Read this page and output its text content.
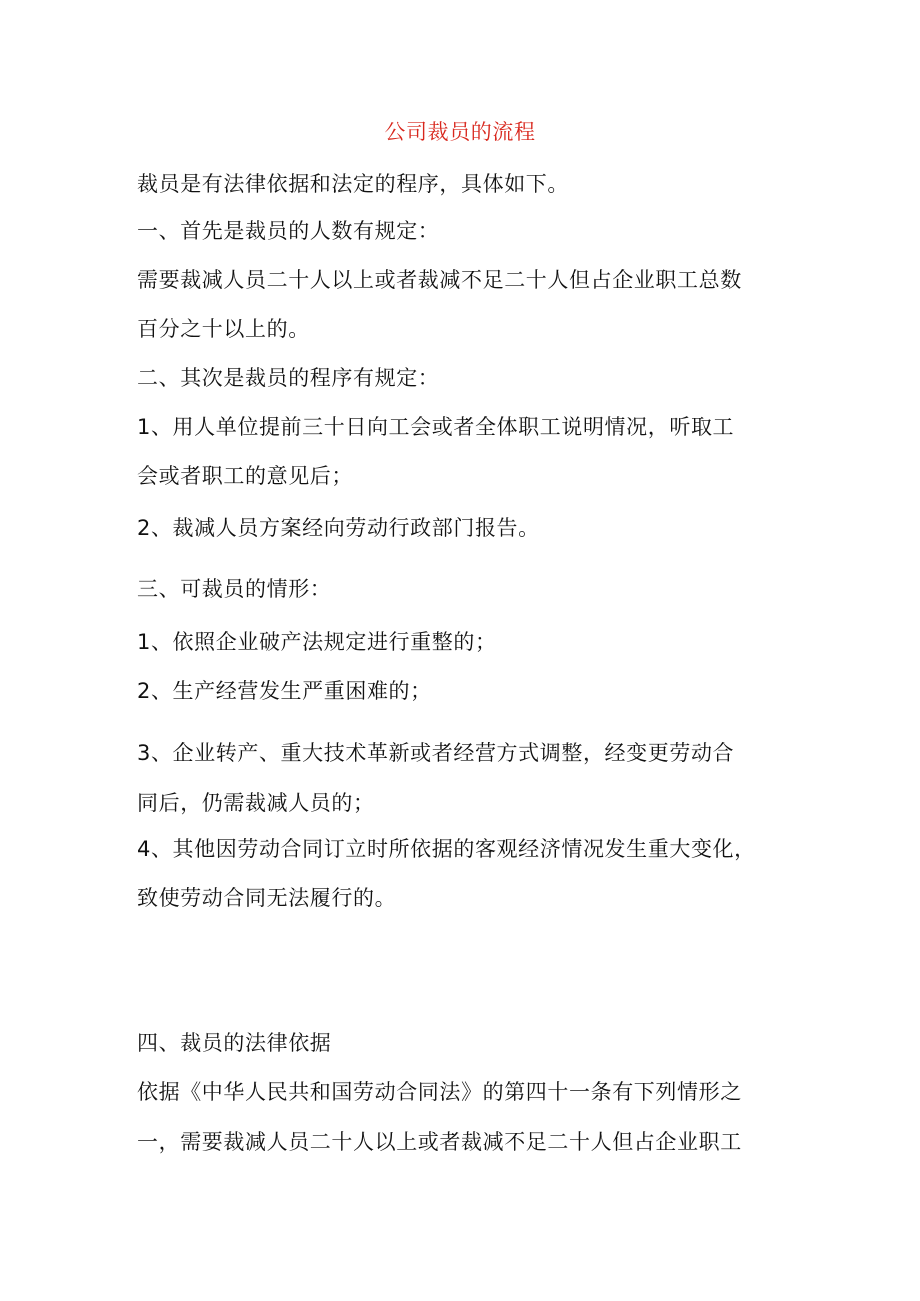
公司裁员的流程
裁员是有法律依据和法定的程序，具体如下。
一、首先是裁员的人数有规定：
需要裁减人员二十人以上或者裁减不足二十人但占企业职工总数
百分之十以上的。
二、其次是裁员的程序有规定：
1、用人单位提前三十日向工会或者全体职工说明情况，听取工
会或者职工的意见后；
2、裁减人员方案经向劳动行政部门报告。
三、可裁员的情形：
1、依照企业破产法规定进行重整的；
2、生产经营发生严重困难的；
3、企业转产、重大技术革新或者经营方式调整，经变更劳动合
同后，仍需裁减人员的；
4、其他因劳动合同订立时所依据的客观经济情况发生重大变化，
致使劳动合同无法履行的。
四、裁员的法律依据
依据《中华人民共和国劳动合同法》的第四十一条有下列情形之
一，需要裁减人员二十人以上或者裁减不足二十人但占企业职工
